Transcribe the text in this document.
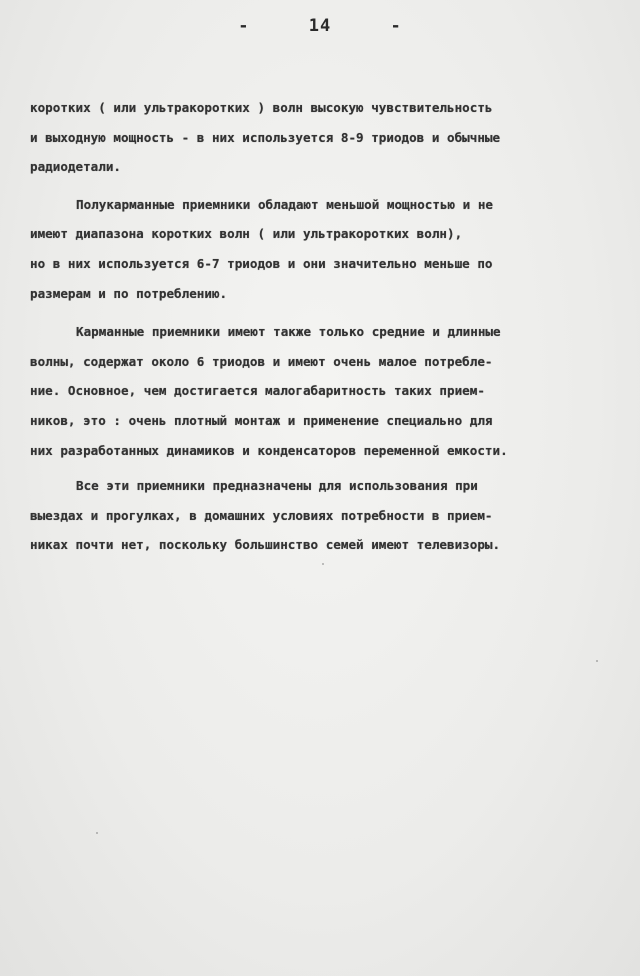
-	14	-
коротких ( или ультракоротких ) волн высокую чувствительность
и выходную мощность - в них используется 8-9 триодов и обычные
радиодетали.
Полукарманные приемники обладают меньшой мощностью и не
имеют диапазона коротких волн ( или ультракоротких волн),
но в них используется 6-7 триодов и они значительно меньше по
размерам и по потреблению.
Карманные приемники имеют также только средние и длинные
волны, содержат около 6 триодов и имеют очень малое потребле-
ние. Основное, чем достигается малогабаритность таких прием-
ников, это : очень плотный монтаж и применение специально для
них разработанных динамиков и конденсаторов переменной емкости.
Все эти приемники предназначены для использования при
выездах и прогулках, в домашних условиях потребности в прием-
никах почти нет, поскольку большинство семей имеют телевизоры.
